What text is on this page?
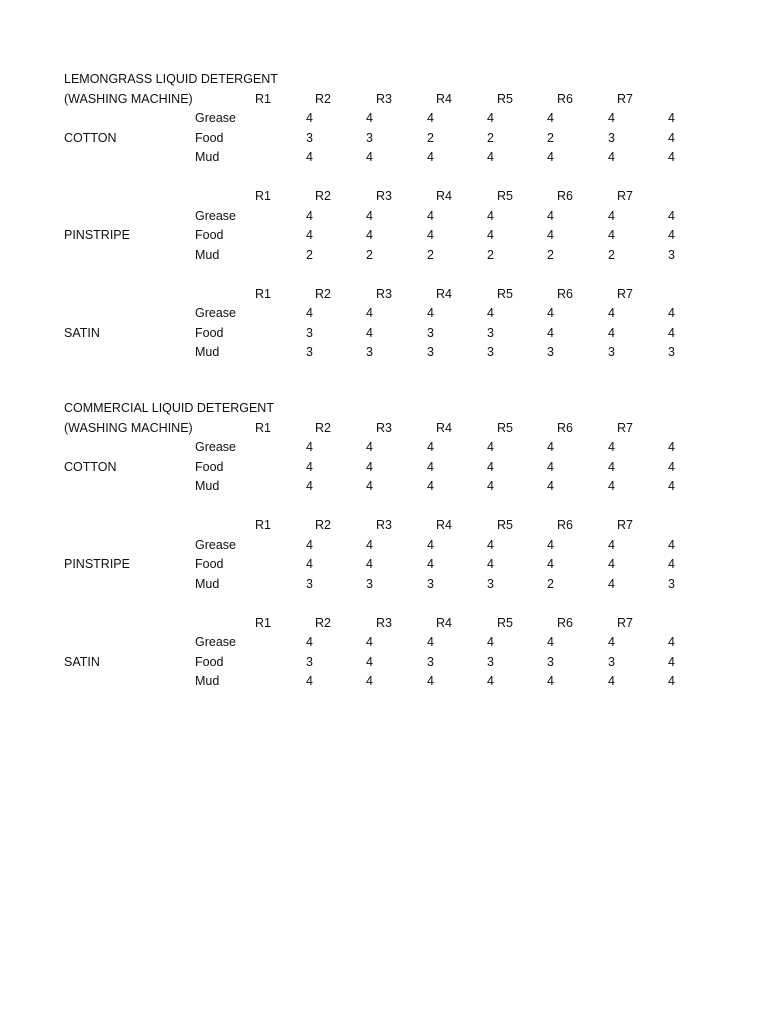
LEMONGRASS LIQUID DETERGENT
(WASHING MACHINE)	R1	R2	R3	R4	R5	R6	R7
COTTON
Grease	4	4	4	4	4	4	4
Food	3	3	2	2	2	3	4
Mud	4	4	4	4	4	4	4
R1	R2	R3	R4	R5	R6	R7
PINSTRIPE
Grease	4	4	4	4	4	4	4
Food	4	4	4	4	4	4	4
Mud	2	2	2	2	2	2	3
R1	R2	R3	R4	R5	R6	R7
SATIN
Grease	4	4	4	4	4	4	4
Food	3	4	3	3	4	4	4
Mud	3	3	3	3	3	3	3
COMMERCIAL LIQUID DETERGENT
(WASHING MACHINE)	R1	R2	R3	R4	R5	R6	R7
COTTON
Grease	4	4	4	4	4	4	4
Food	4	4	4	4	4	4	4
Mud	4	4	4	4	4	4	4
R1	R2	R3	R4	R5	R6	R7
PINSTRIPE
Grease	4	4	4	4	4	4	4
Food	4	4	4	4	4	4	4
Mud	3	3	3	3	2	4	3
R1	R2	R3	R4	R5	R6	R7
SATIN
Grease	4	4	4	4	4	4	4
Food	3	4	3	3	3	3	4
Mud	4	4	4	4	4	4	4
